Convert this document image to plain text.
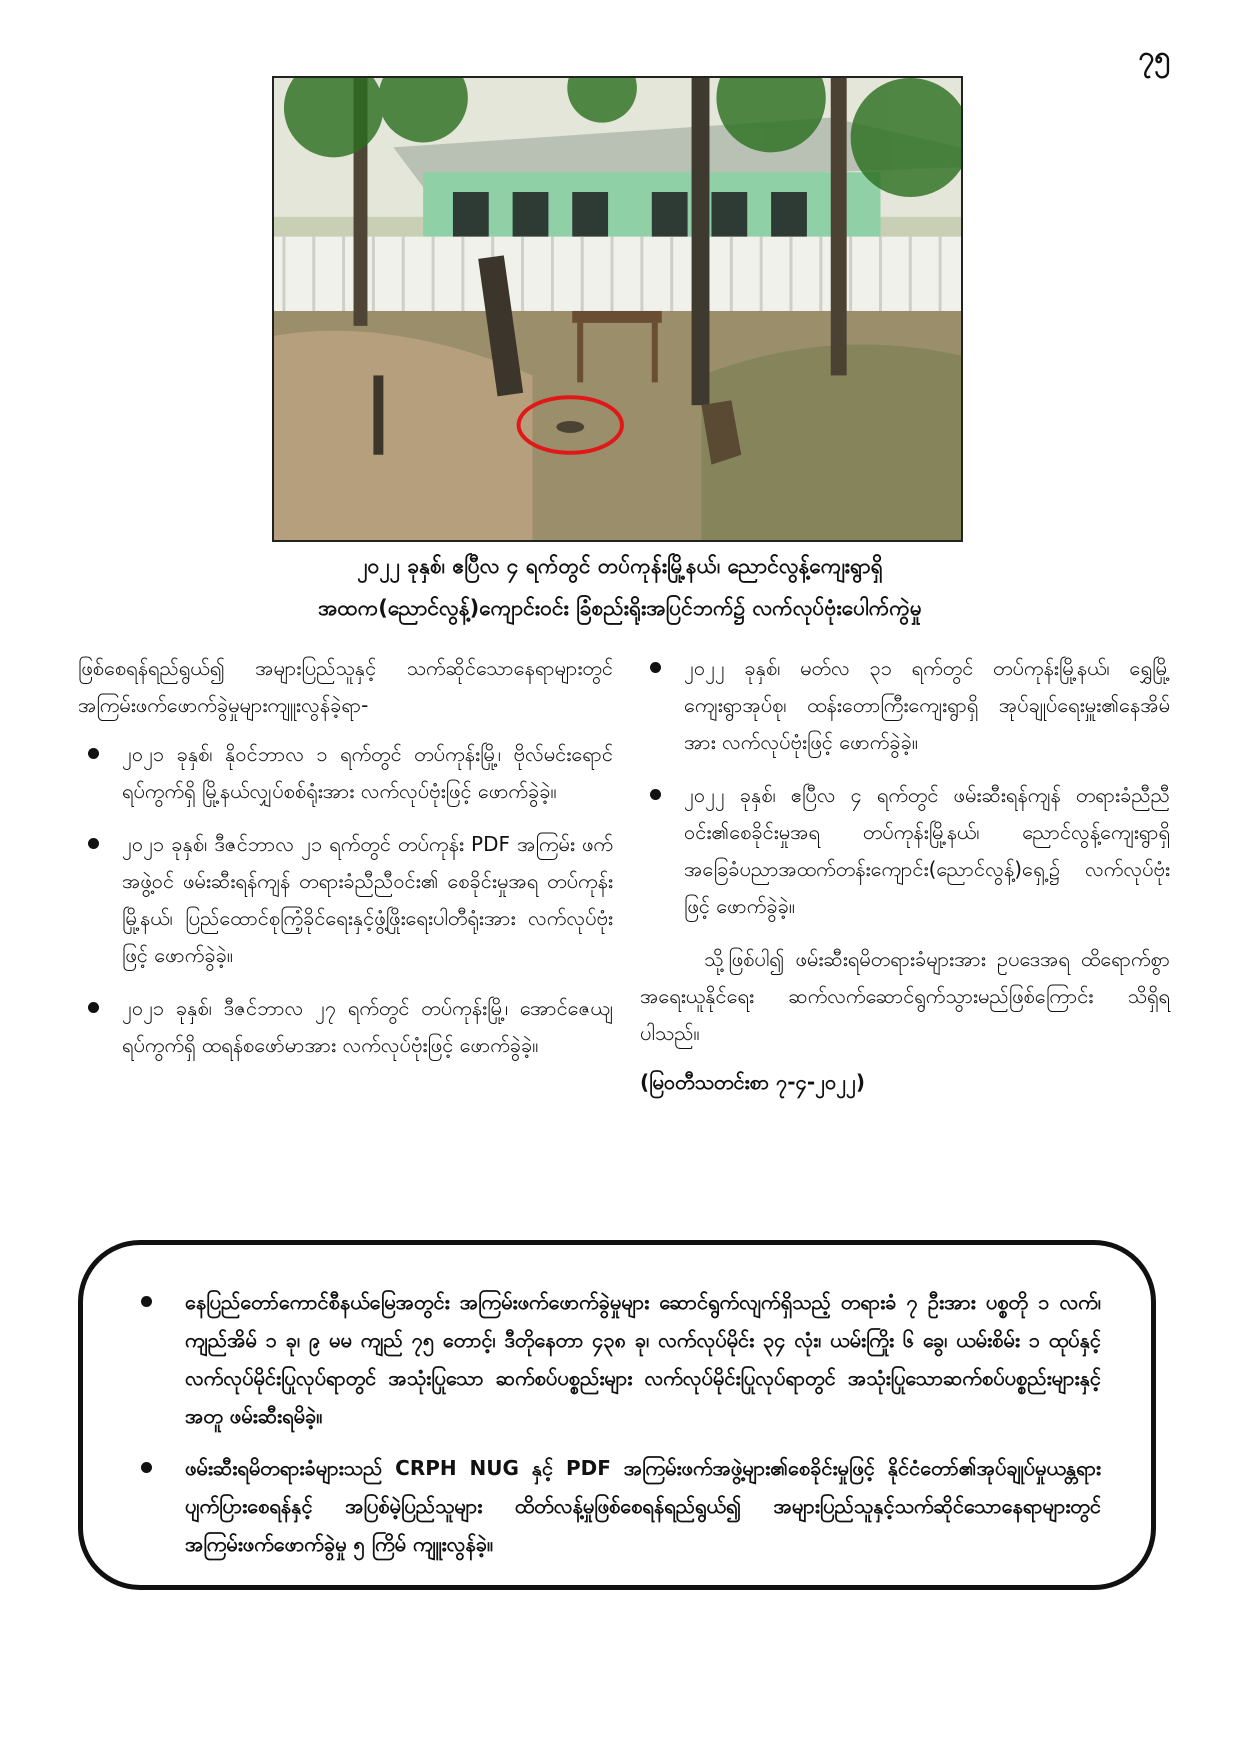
၇၅
၂၀၂၂ ခုနှစ်၊ ဧပြီလ ၄ ရက်တွင် တပ်ကုန်းမြို့နယ်၊ ညောင်လွန့်ကျေးရွာရှိ
အထက(ညောင်လွန့်)ကျောင်းဝင်း ခြံစည်းရိုးအပြင်ဘက်၌ လက်လုပ်ဗုံးပေါက်ကွဲမှု

ဖြစ်စေရန်ရည်ရွယ်၍ အများပြည်သူနှင့် သက်ဆိုင်သောနေရာများတွင် အကြမ်းဖက်ဖောက်ခွဲမှုများကျူးလွန်ခဲ့ရာ-

၂၀၂၁ ခုနှစ်၊ နိုဝင်ဘာလ ၁ ရက်တွင် တပ်ကုန်းမြို့၊ ဗိုလ်မင်းရောင်ရပ်ကွက်ရှိ မြို့နယ်လျှပ်စစ်ရုံးအား လက်လုပ်ဗုံးဖြင့် ဖောက်ခွဲခဲ့။
၂၀၂၁ ခုနှစ်၊ ဒီဇင်ဘာလ ၂၁ ရက်တွင် တပ်ကုန်း PDF အကြမ်း ဖက်အဖွဲ့ဝင် ဖမ်းဆီးရန်ကျန် တရားခံညီညီဝင်း၏ စေခိုင်းမှုအရ တပ်ကုန်းမြို့နယ်၊ ပြည်ထောင်စုကြံ့ခိုင်ရေးနှင့်ဖွံ့ဖြိုးရေးပါတီရုံးအား လက်လုပ်ဗုံးဖြင့် ဖောက်ခွဲခဲ့။
၂၀၂၁ ခုနှစ်၊ ဒီဇင်ဘာလ ၂၇ ရက်တွင် တပ်ကုန်းမြို့၊ အောင်ဇေယျရပ်ကွက်ရှိ ထရန်စဖော်မာအား လက်လုပ်ဗုံးဖြင့် ဖောက်ခွဲခဲ့။
၂၀၂၂ ခုနှစ်၊ မတ်လ ၃၁ ရက်တွင် တပ်ကုန်းမြို့နယ်၊ ရွှေမြို့ကျေးရွာအုပ်စု၊ ထန်းတောကြီးကျေးရွာရှိ အုပ်ချုပ်ရေးမှူး၏နေအိမ်အား လက်လုပ်ဗုံးဖြင့် ဖောက်ခွဲခဲ့။
၂၀၂၂ ခုနှစ်၊ ဧပြီလ ၄ ရက်တွင် ဖမ်းဆီးရန်ကျန် တရားခံညီညီဝင်း၏စေခိုင်းမှုအရ တပ်ကုန်းမြို့နယ်၊ ညောင်လွန့်ကျေးရွာရှိ အခြေခံပညာအထက်တန်းကျောင်း(ညောင်လွန့်)ရှေ့၌ လက်လုပ်ဗုံးဖြင့် ဖောက်ခွဲခဲ့။

သို့ဖြစ်ပါ၍ ဖမ်းဆီးရမိတရားခံများအား ဥပဒေအရ ထိရောက်စွာ အရေးယူနိုင်ရေး ဆက်လက်ဆောင်ရွက်သွားမည်ဖြစ်ကြောင်း သိရှိရပါသည်။

(မြဝတီသတင်းစာ ၇-၄-၂၀၂၂)

နေပြည်တော်ကောင်စီနယ်မြေအတွင်း အကြမ်းဖက်ဖောက်ခွဲမှုများ ဆောင်ရွက်လျက်ရှိသည့် တရားခံ ၇ ဦးအား ပစ္စတို ၁ လက်၊ ကျည်အိမ် ၁ ခု၊ ၉ မမ ကျည် ၇၅ တောင့်၊ ဒီတိုနေတာ ၄၃၈ ခု၊ လက်လုပ်မိုင်း ၃၄ လုံး၊ ယမ်းကြိုး ၆ ခွေ၊ ယမ်းစိမ်း ၁ ထုပ်နှင့် လက်လုပ်မိုင်းပြုလုပ်ရာတွင် အသုံးပြုသော ဆက်စပ်ပစ္စည်းများ လက်လုပ်မိုင်းပြုလုပ်ရာတွင် အသုံးပြုသောဆက်စပ်ပစ္စည်းများနှင့်အတူ ဖမ်းဆီးရမိခဲ့။
ဖမ်းဆီးရမိတရားခံများသည် CRPH NUG နှင့် PDF အကြမ်းဖက်အဖွဲ့များ၏စေခိုင်းမှုဖြင့် နိုင်ငံတော်၏အုပ်ချုပ်မှုယန္တရားပျက်ပြားစေရန်နှင့် အပြစ်မဲ့ပြည်သူများ ထိတ်လန့်မှုဖြစ်စေရန်ရည်ရွယ်၍ အများပြည်သူနှင့်သက်ဆိုင်သောနေရာများတွင် အကြမ်းဖက်ဖောက်ခွဲမှု ၅ ကြိမ် ကျူးလွန်ခဲ့။
